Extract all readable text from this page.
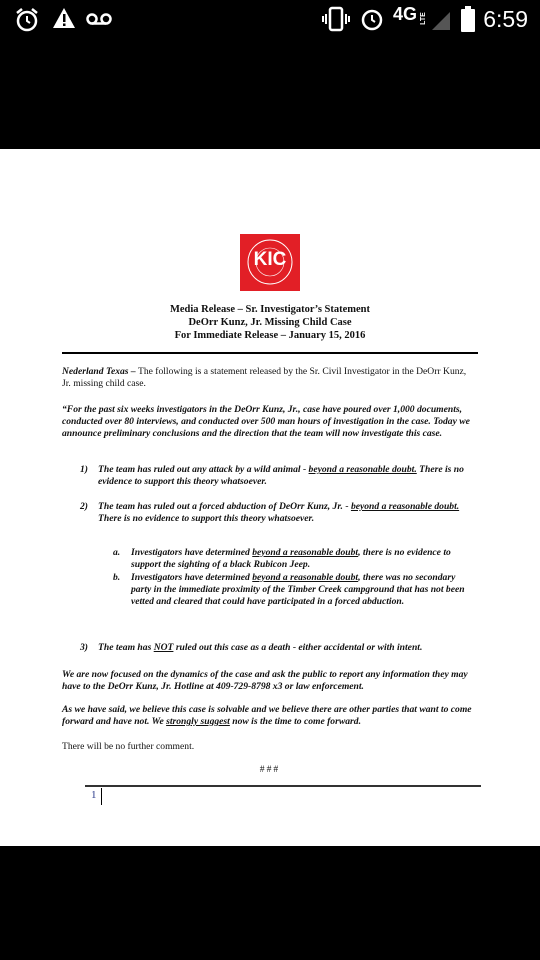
4G LTE 6:59
KIC
Media Release – Sr. Investigator’s Statement
DeOrr Kunz, Jr. Missing Child Case
For Immediate Release – January 15, 2016
Nederland Texas – The following is a statement released by the Sr. Civil Investigator in the DeOrr Kunz, Jr. missing child case.
“For the past six weeks investigators in the DeOrr Kunz, Jr., case have poured over 1,000 documents, conducted over 80 interviews, and conducted over 500 man hours of investigation in the case. Today we announce preliminary conclusions and the direction that the team will now investigate this case.
1)	The team has ruled out any attack by a wild animal - beyond a reasonable doubt. There is no evidence to support this theory whatsoever.
2)	The team has ruled out a forced abduction of DeOrr Kunz, Jr. - beyond a reasonable doubt. There is no evidence to support this theory whatsoever.
a.	Investigators have determined beyond a reasonable doubt, there is no evidence to support the sighting of a black Rubicon Jeep.
b.	Investigators have determined beyond a reasonable doubt, there was no secondary party in the immediate proximity of the Timber Creek campground that has not been vetted and cleared that could have participated in a forced abduction.
3)	The team has NOT ruled out this case as a death - either accidental or with intent.
We are now focused on the dynamics of the case and ask the public to report any information they may have to the DeOrr Kunz, Jr. Hotline at 409-729-8798 x3 or law enforcement.
As we have said, we believe this case is solvable and we believe there are other parties that want to come forward and have not. We strongly suggest now is the time to come forward.
There will be no further comment.
###
1
